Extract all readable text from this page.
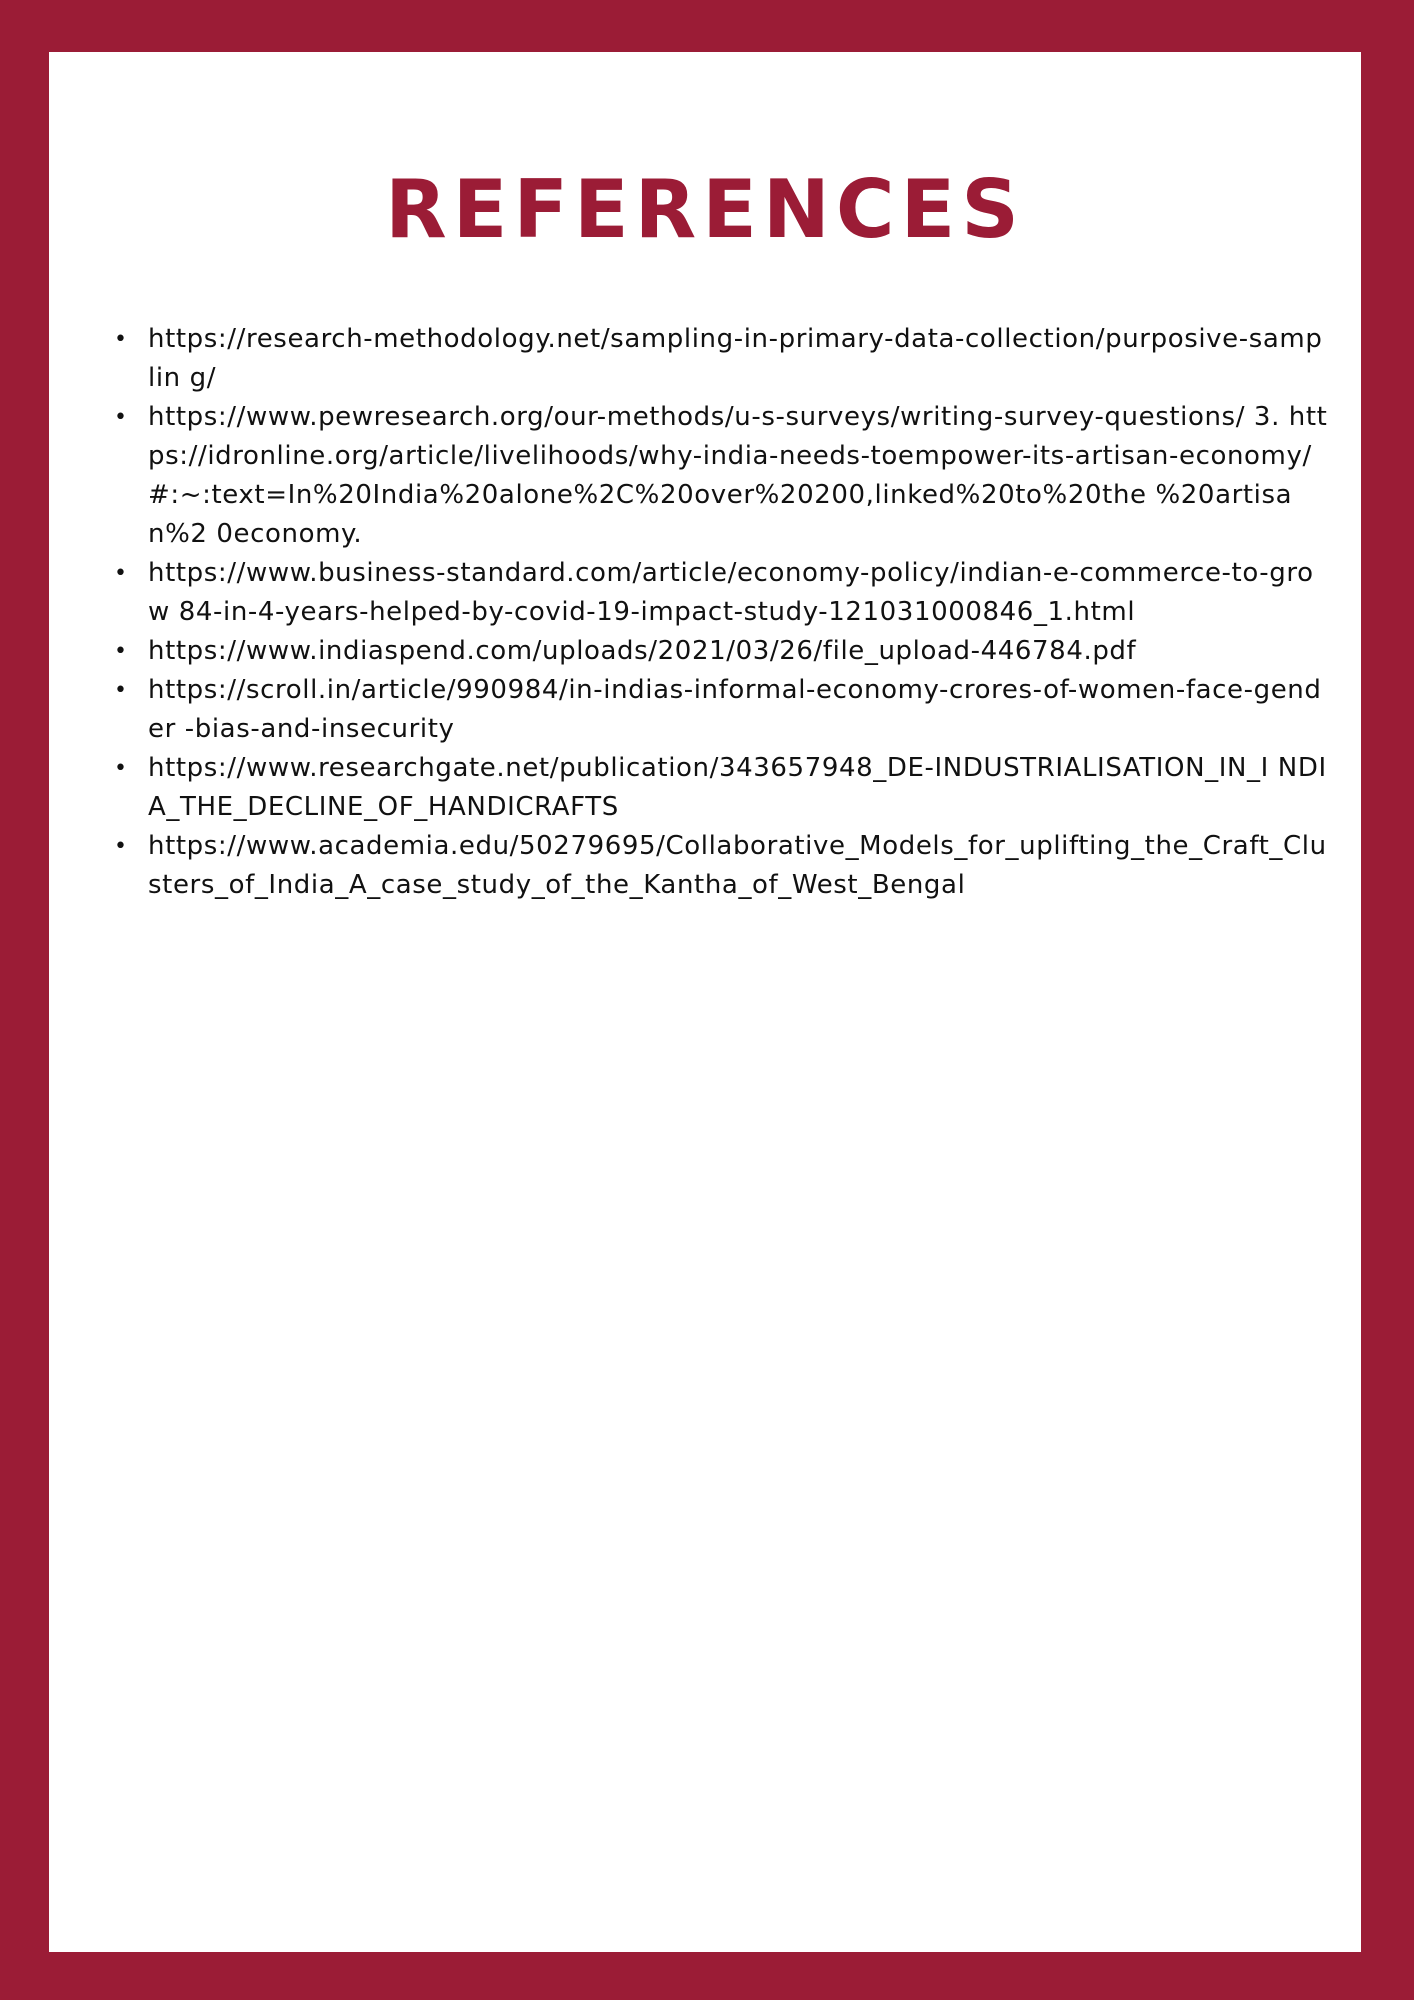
REFERENCES
• https://research-methodology.net/sampling-in-primary-data-collection/purposive-samplin g/
• https://www.pewresearch.org/our-methods/u-s-surveys/writing-survey-questions/ 3. https://idronline.org/article/livelihoods/why-india-needs-toempower-its-artisan-economy/#:~:text=In%20India%20alone%2C%20over%20200,linked%20to%20the %20artisan%2 0economy.
• https://www.business-standard.com/article/economy-policy/indian-e-commerce-to-grow 84-in-4-years-helped-by-covid-19-impact-study-121031000846_1.html
• https://www.indiaspend.com/uploads/2021/03/26/file_upload-446784.pdf
• https://scroll.in/article/990984/in-indias-informal-economy-crores-of-women-face-gender -bias-and-insecurity
• https://www.researchgate.net/publication/343657948_DE-INDUSTRIALISATION_IN_I NDIA_THE_DECLINE_OF_HANDICRAFTS
• https://www.academia.edu/50279695/Collaborative_Models_for_uplifting_the_Craft_Clu sters_of_India_A_case_study_of_the_Kantha_of_West_Bengal
